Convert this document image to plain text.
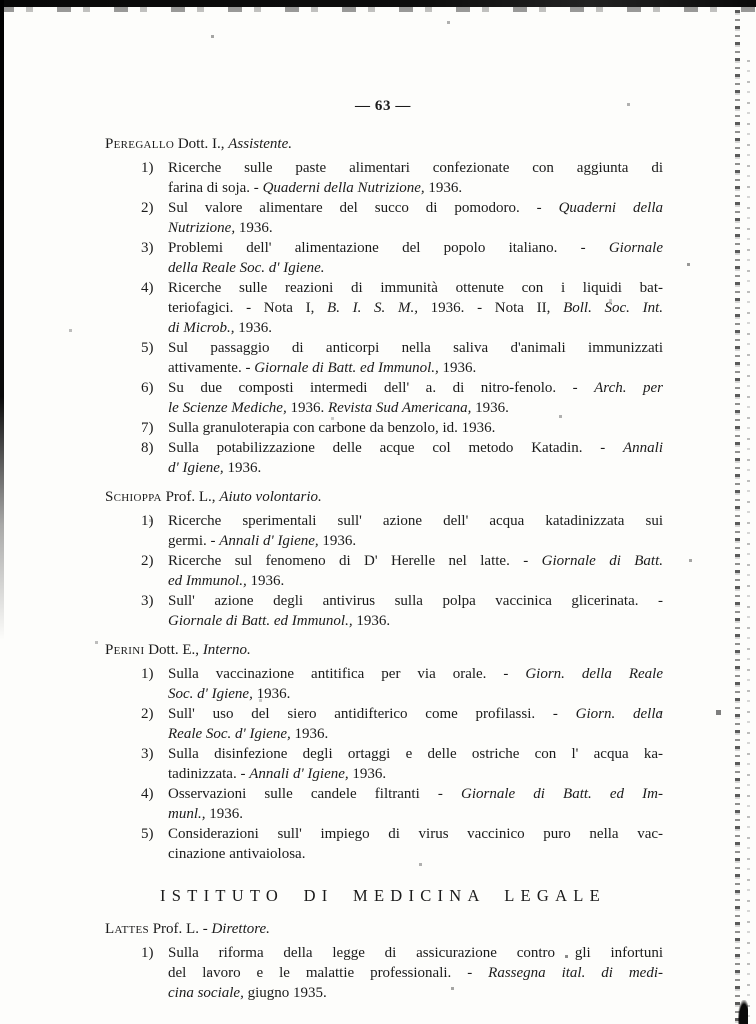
— 63 —
Peregallo Dott. I., Assistente.
1) Ricerche sulle paste alimentari confezionate con aggiunta di
farina di soja. - Quaderni della Nutrizione, 1936.
2) Sul valore alimentare del succo di pomodoro. - Quaderni della
Nutrizione, 1936.
3) Problemi dell' alimentazione del popolo italiano. - Giornale
della Reale Soc. d' Igiene.
4) Ricerche sulle reazioni di immunità ottenute con i liquidi bat-
teriofagici. - Nota I, B. I. S. M., 1936. - Nota II, Boll. Soc. Int.
di Microb., 1936.
5) Sul passaggio di anticorpi nella saliva d'animali immunizzati
attivamente. - Giornale di Batt. ed Immunol., 1936.
6) Su due composti intermedi dell' a. di nitro-fenolo. - Arch. per
le Scienze Mediche, 1936. Revista Sud Americana, 1936.
7) Sulla granuloterapia con carbone da benzolo, id. 1936.
8) Sulla potabilizzazione delle acque col metodo Katadin. - Annali
d' Igiene, 1936.
Schioppa Prof. L., Aiuto volontario.
1) Ricerche sperimentali sull' azione dell' acqua katadinizzata sui
germi. - Annali d' Igiene, 1936.
2) Ricerche sul fenomeno di D' Herelle nel latte. - Giornale di Batt.
ed Immunol., 1936.
3) Sull' azione degli antivirus sulla polpa vaccinica glicerinata. -
Giornale di Batt. ed Immunol., 1936.
Perini Dott. E., Interno.
1) Sulla vaccinazione antitifica per via orale. - Giorn. della Reale
Soc. d' Igiene, 1936.
2) Sull' uso del siero antidifterico come profilassi. - Giorn. della
Reale Soc. d' Igiene, 1936.
3) Sulla disinfezione degli ortaggi e delle ostriche con l' acqua ka-
tadinizzata. - Annali d' Igiene, 1936.
4) Osservazioni sulle candele filtranti - Giornale di Batt. ed Im-
munl., 1936.
5) Considerazioni sull' impiego di virus vaccinico puro nella vac-
cinazione antivaiolosa.
ISTITUTO DI MEDICINA LEGALE
Lattes Prof. L. - Direttore.
1) Sulla riforma della legge di assicurazione contro gli infortuni
del lavoro e le malattie professionali. - Rassegna ital. di medi-
cina sociale, giugno 1935.
